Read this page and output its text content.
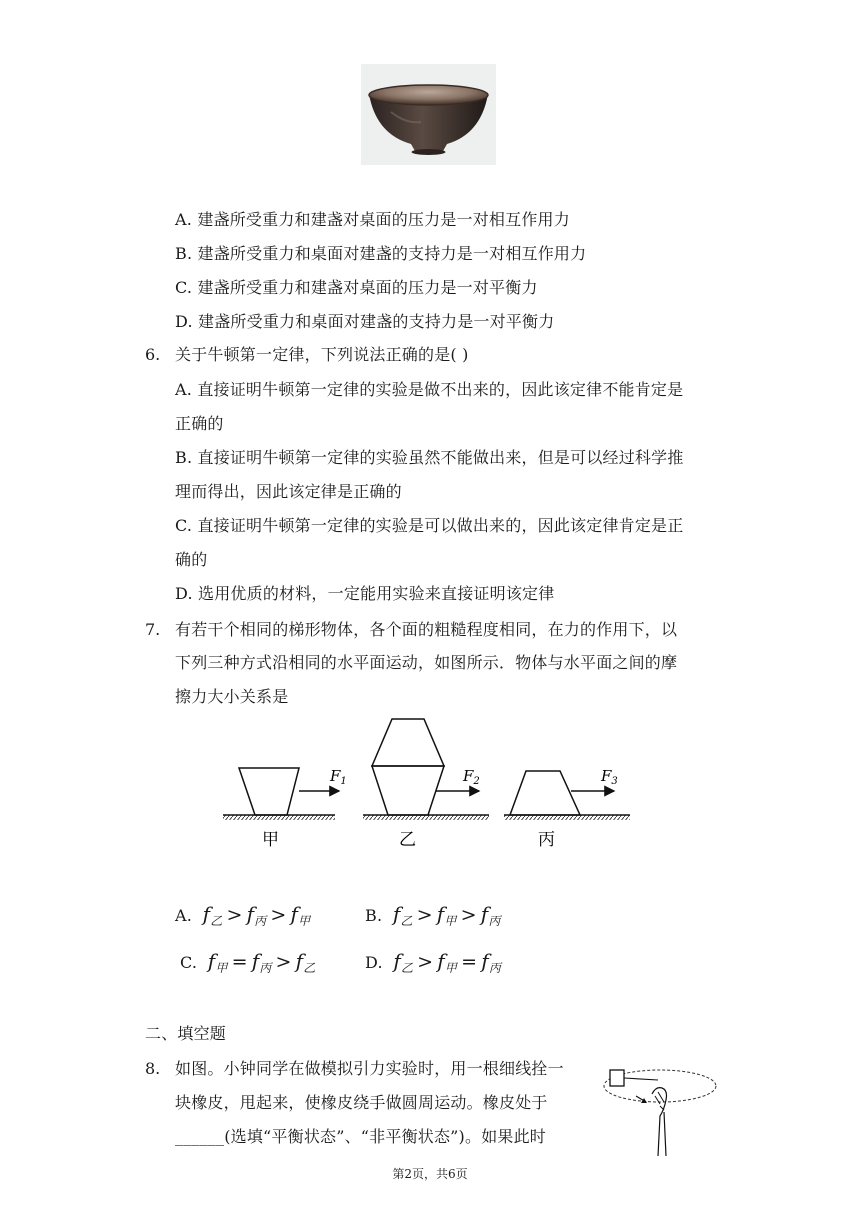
A. 建盏所受重力和建盏对桌面的压力是一对相互作用力
B. 建盏所受重力和桌面对建盏的支持力是一对相互作用力
C. 建盏所受重力和建盏对桌面的压力是一对平衡力
D. 建盏所受重力和桌面对建盏的支持力是一对平衡力
6. 关于牛顿第一定律，下列说法正确的是( )
A. 直接证明牛顿第一定律的实验是做不出来的，因此该定律不能肯定是
正确的
B. 直接证明牛顿第一定律的实验虽然不能做出来，但是可以经过科学推
理而得出，因此该定律是正确的
C. 直接证明牛顿第一定律的实验是可以做出来的，因此该定律肯定是正
确的
D. 选用优质的材料，一定能用实验来直接证明该定律
7. 有若干个相同的梯形物体，各个面的粗糙程度相同，在力的作用下，以
下列三种方式沿相同的水平面运动，如图所示．物体与水平面之间的摩
擦力大小关系是
$F_1$	$F_2$	$F_3$
甲	乙	丙
A. $f_乙 > f_丙 > f_甲$	B. $f_乙 > f_甲 > f_丙$
C. $f_甲 = f_丙 > f_乙$	D. $f_乙 > f_甲 = f_丙$
二、填空题
8. 如图。小钟同学在做模拟引力实验时，用一根细线拴一
块橡皮，甩起来，使橡皮绕手做圆周运动。橡皮处于
______(选填“平衡状态”、“非平衡状态”)。如果此时
第2页，共6页
